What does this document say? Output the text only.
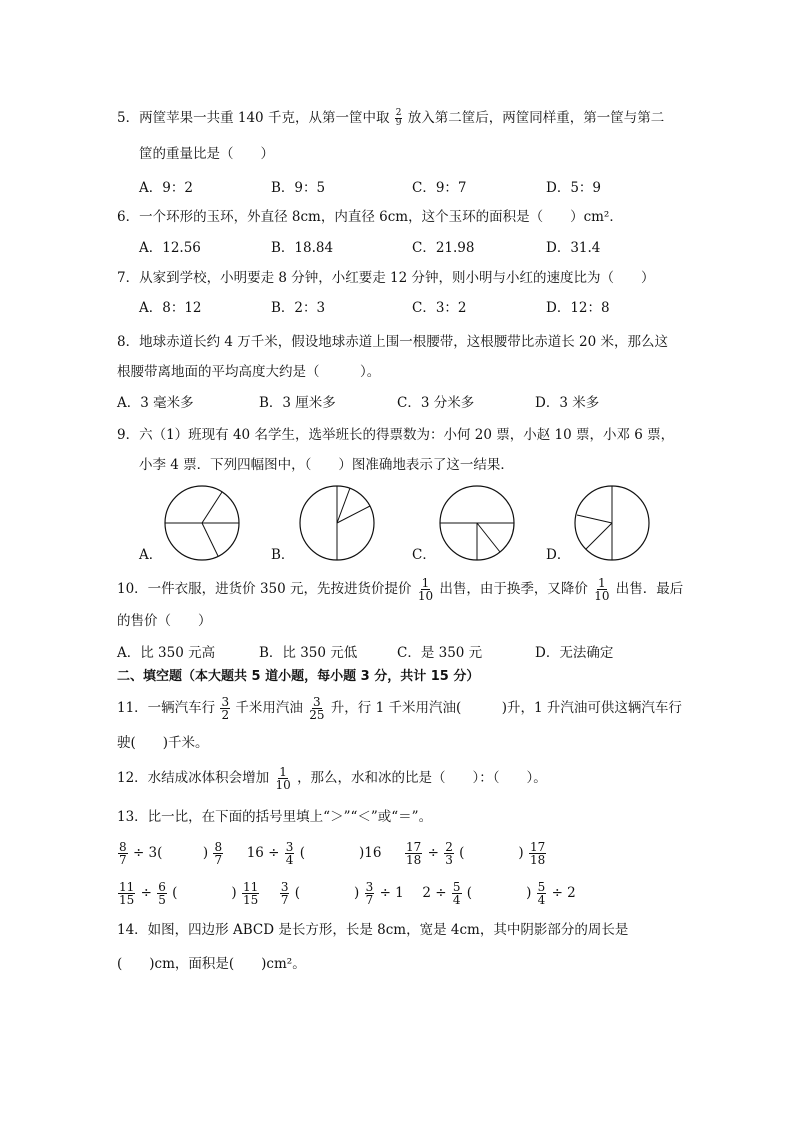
5．两筐苹果一共重 140 千克，从第一筐中取 $\frac{2}{9}$ 放入第二筐后，两筐同样重，第一筐与第二
筐的重量比是（　　）
A．9：2	B．9：5	C．9：7	D．5：9
6．一个环形的玉环，外直径 8cm，内直径 6cm，这个玉环的面积是（　　）cm²．
A．12.56	B．18.84	C．21.98	D．31.4
7．从家到学校，小明要走 8 分钟，小红要走 12 分钟，则小明与小红的速度比为（　　）
A．8：12	B．2：3	C．3：2	D．12：8
8．地球赤道长约 4 万千米，假设地球赤道上围一根腰带，这根腰带比赤道长 20 米，那么这
根腰带离地面的平均高度大约是（　　　）。
A．3 毫米多	B．3 厘米多	C．3 分米多	D．3 米多
9．六（1）班现有 40 名学生，选举班长的得票数为：小何 20 票，小赵 10 票，小邓 6 票，
小李 4 票．下列四幅图中，（　　）图准确地表示了这一结果．
A．	B．	C．	D．
10．一件衣服，进货价 350 元，先按进货价提价 $\frac{1}{10}$ 出售，由于换季，又降价 $\frac{1}{10}$ 出售．最后
的售价（　　）
A．比 350 元高	B．比 350 元低	C．是 350 元	D．无法确定
二、填空题（本大题共 5 道小题，每小题 3 分，共计 15 分）
11．一辆汽车行 $\frac{3}{2}$ 千米用汽油 $\frac{3}{25}$ 升，行 1 千米用汽油(　　　)升，1 升汽油可供这辆汽车行
驶(　　)千米。
12．水结成冰体积会增加 $\frac{1}{10}$ ，那么，水和冰的比是（　　）：（　　）。
13．比一比，在下面的括号里填上“＞”“＜”或“＝”。
$\frac{8}{7} \div 3$(　　　) $\frac{8}{7} 16 \div \frac{3}{4}$ (　　　　)$16 \frac{17}{18} \div \frac{2}{3}$ (　　　　) $\frac{17}{18}$
$\frac{11}{15} \div \frac{6}{5}$ (　　　　) $\frac{11}{15}$
$\frac{3}{7}$ (　　　　) $\frac{3}{7} \div 1$ $2 \div \frac{5}{4}$ (　　　　) $\frac{5}{4} \div 2$
14．如图，四边形 ABCD 是长方形，长是 8cm，宽是 4cm，其中阴影部分的周长是
(　　)cm，面积是(　　)cm²。
